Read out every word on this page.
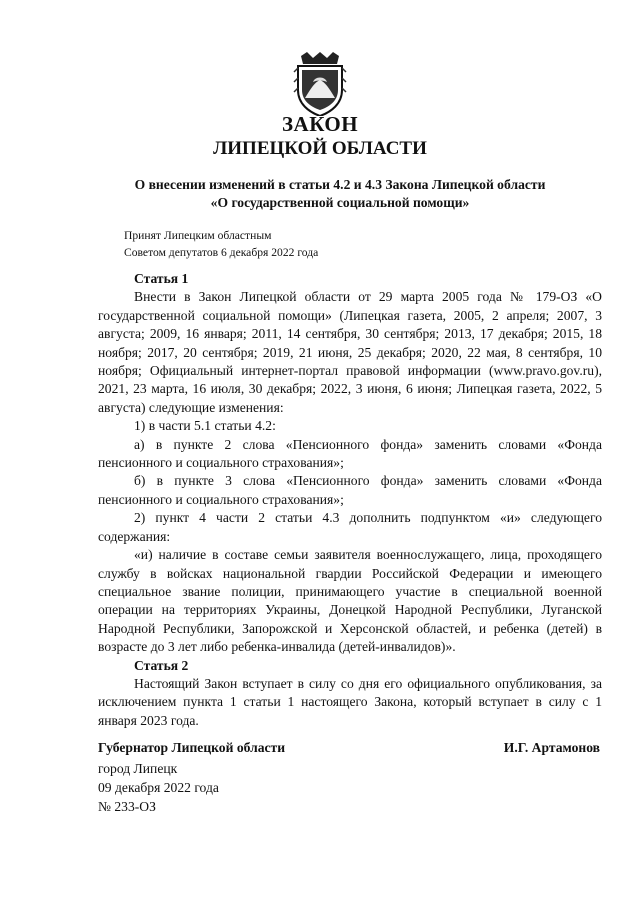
ЗАКОН
ЛИПЕЦКОЙ ОБЛАСТИ
О внесении изменений в статьи 4.2 и 4.3 Закона Липецкой области
«О государственной социальной помощи»
Принят Липецким областным
Советом депутатов 6 декабря 2022 года

Статья 1

Внести в Закон Липецкой области от 29 марта 2005 года № 179-ОЗ «О государственной социальной помощи» (Липецкая газета, 2005, 2 апреля; 2007, 3 августа; 2009, 16 января; 2011, 14 сентября, 30 сентября; 2013, 17 декабря; 2015, 18 ноября; 2017, 20 сентября; 2019, 21 июня, 25 декабря; 2020, 22 мая, 8 сентября, 10 ноября; Официальный интернет-портал правовой информации (www.pravo.gov.ru), 2021, 23 марта, 16 июля, 30 декабря; 2022, 3 июня, 6 июня; Липецкая газета, 2022, 5 августа) следующие изменения:

1) в части 5.1 статьи 4.2:

а) в пункте 2 слова «Пенсионного фонда» заменить словами «Фонда пенсионного и социального страхования»;

б) в пункте 3 слова «Пенсионного фонда» заменить словами «Фонда пенсионного и социального страхования»;

2) пункт 4 части 2 статьи 4.3 дополнить подпунктом «и» следующего содержания:

«и) наличие в составе семьи заявителя военнослужащего, лица, проходящего службу в войсках национальной гвардии Российской Федерации и имеющего специальное звание полиции, принимающего участие в специальной военной операции на территориях Украины, Донецкой Народной Республики, Луганской Народной Республики, Запорожской и Херсонской областей, и ребенка (детей) в возрасте до 3 лет либо ребенка-инвалида (детей-инвалидов)».

Статья 2

Настоящий Закон вступает в силу со дня его официального опубликования, за исключением пункта 1 статьи 1 настоящего Закона, который вступает в силу с 1 января 2023 года.

Губернатор Липецкой области	И.Г. Артамонов
город Липецк
09 декабря 2022 года
№ 233-ОЗ
